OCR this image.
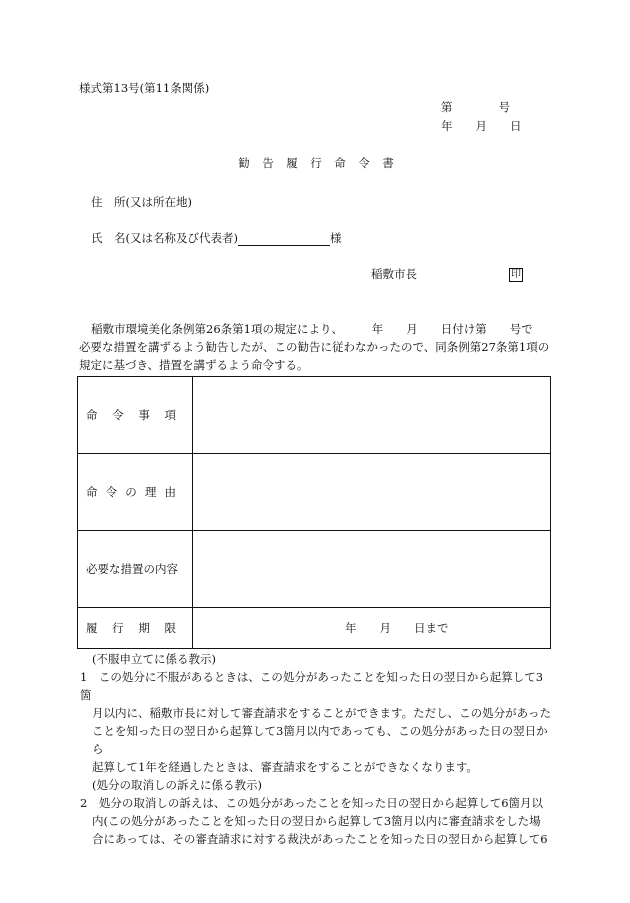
様式第13号(第11条関係)
第　　　　号
年　　月　　日
勧 告 履 行 命 令 書
住　所(又は所在地)
氏　名(又は名称及び代表者)	様
稲敷市長	印
稲敷市環境美化条例第26条第1項の規定により、　　　年　　月　　日付け第　　号で
必要な措置を講ずるよう勧告したが、この勧告に従わなかったので、同条例第27条第1項の
規定に基づき、措置を講ずるよう命令する。
命 令 事 項	

命 令 の 理 由	

必要な措置の内容	

履 行 期 限	年　　月　　日まで
(不服申立てに係る教示)
1　この処分に不服があるときは、この処分があったことを知った日の翌日から起算して3箇
月以内に、稲敷市長に対して審査請求をすることができます。ただし、この処分があった
ことを知った日の翌日から起算して3箇月以内であっても、この処分があった日の翌日から
起算して1年を経過したときは、審査請求をすることができなくなります。
(処分の取消しの訴えに係る教示)
2　処分の取消しの訴えは、この処分があったことを知った日の翌日から起算して6箇月以
内(この処分があったことを知った日の翌日から起算して3箇月以内に審査請求をした場
合にあっては、その審査請求に対する裁決があったことを知った日の翌日から起算して6
